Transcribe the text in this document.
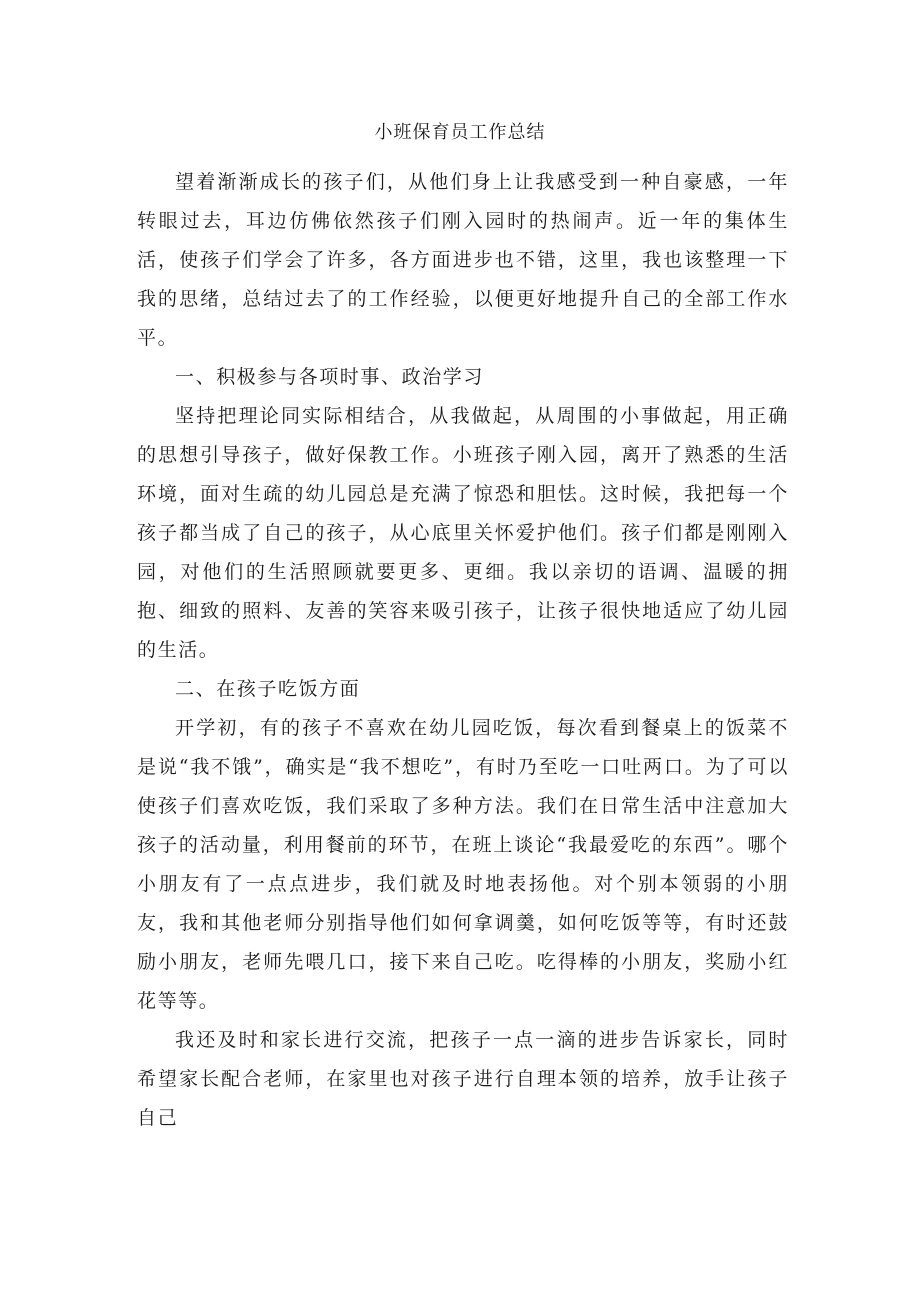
小班保育员工作总结

望着渐渐成长的孩子们，从他们身上让我感受到一种自豪感，一年转眼过去，耳边仿佛依然孩子们刚入园时的热闹声。近一年的集体生活，使孩子们学会了许多，各方面进步也不错，这里，我也该整理一下我的思绪，总结过去了的工作经验，以便更好地提升自己的全部工作水平。

一、积极参与各项时事、政治学习

坚持把理论同实际相结合，从我做起，从周围的小事做起，用正确的思想引导孩子，做好保教工作。小班孩子刚入园，离开了熟悉的生活环境，面对生疏的幼儿园总是充满了惊恐和胆怯。这时候，我把每一个孩子都当成了自己的孩子，从心底里关怀爱护他们。孩子们都是刚刚入园，对他们的生活照顾就要更多、更细。我以亲切的语调、温暖的拥抱、细致的照料、友善的笑容来吸引孩子，让孩子很快地适应了幼儿园的生活。

二、在孩子吃饭方面

开学初，有的孩子不喜欢在幼儿园吃饭，每次看到餐桌上的饭菜不是说“我不饿”，确实是“我不想吃”，有时乃至吃一口吐两口。为了可以使孩子们喜欢吃饭，我们采取了多种方法。我们在日常生活中注意加大孩子的活动量，利用餐前的环节，在班上谈论“我最爱吃的东西”。哪个小朋友有了一点点进步，我们就及时地表扬他。对个别本领弱的小朋友，我和其他老师分别指导他们如何拿调羹，如何吃饭等等，有时还鼓励小朋友，老师先喂几口，接下来自己吃。吃得棒的小朋友，奖励小红花等等。

我还及时和家长进行交流，把孩子一点一滴的进步告诉家长，同时希望家长配合老师，在家里也对孩子进行自理本领的培养，放手让孩子自己
